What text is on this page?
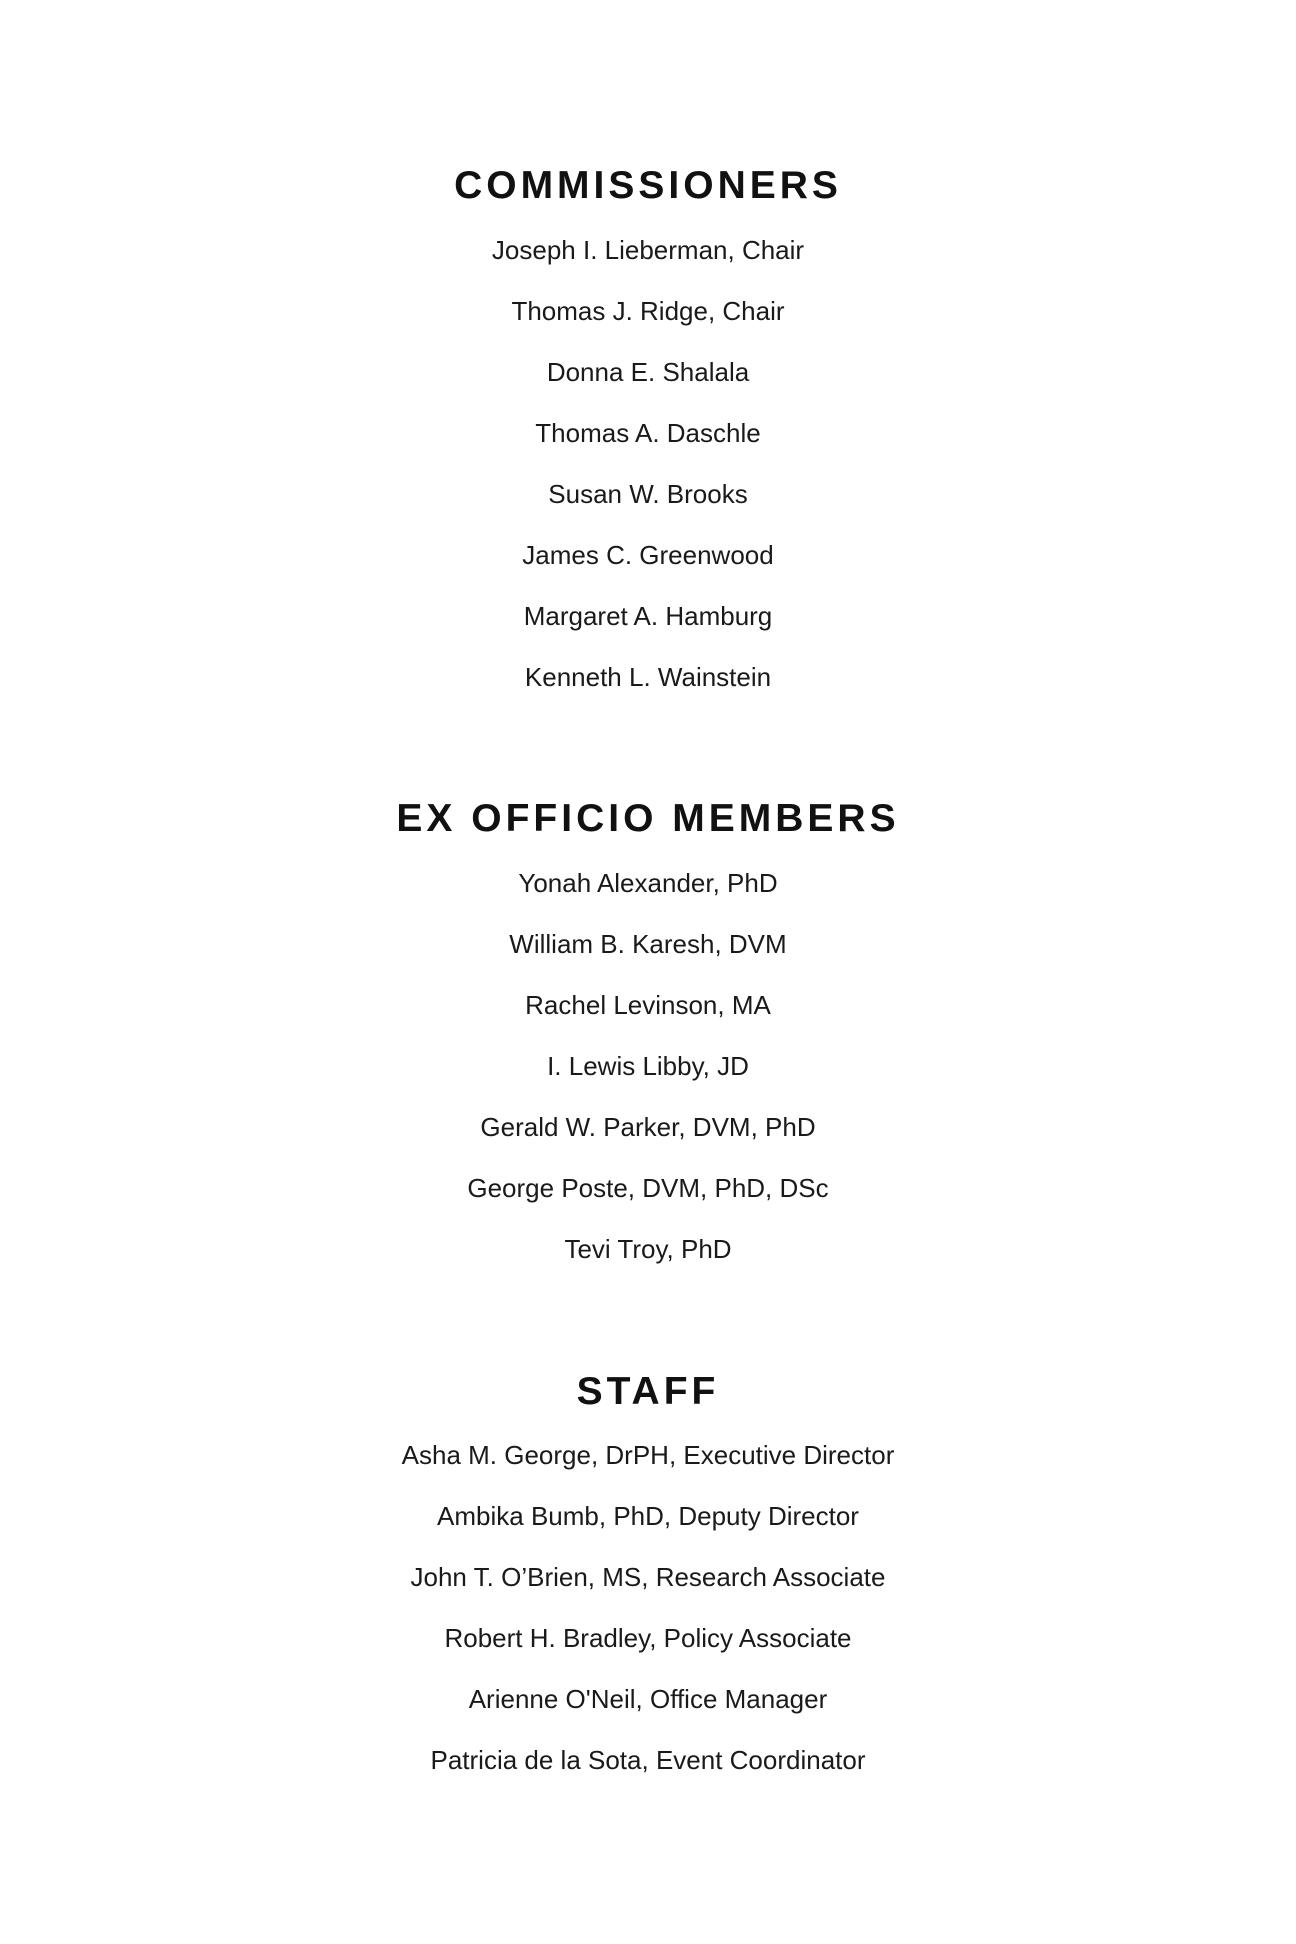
COMMISSIONERS
Joseph I. Lieberman, Chair
Thomas J. Ridge, Chair
Donna E. Shalala
Thomas A. Daschle
Susan W. Brooks
James C. Greenwood
Margaret A. Hamburg
Kenneth L. Wainstein
EX OFFICIO MEMBERS
Yonah Alexander, PhD
William B. Karesh, DVM
Rachel Levinson, MA
I. Lewis Libby, JD
Gerald W. Parker, DVM, PhD
George Poste, DVM, PhD, DSc
Tevi Troy, PhD
STAFF
Asha M. George, DrPH, Executive Director
Ambika Bumb, PhD, Deputy Director
John T. O’Brien, MS, Research Associate
Robert H. Bradley, Policy Associate
Arienne O'Neil, Office Manager
Patricia de la Sota, Event Coordinator
